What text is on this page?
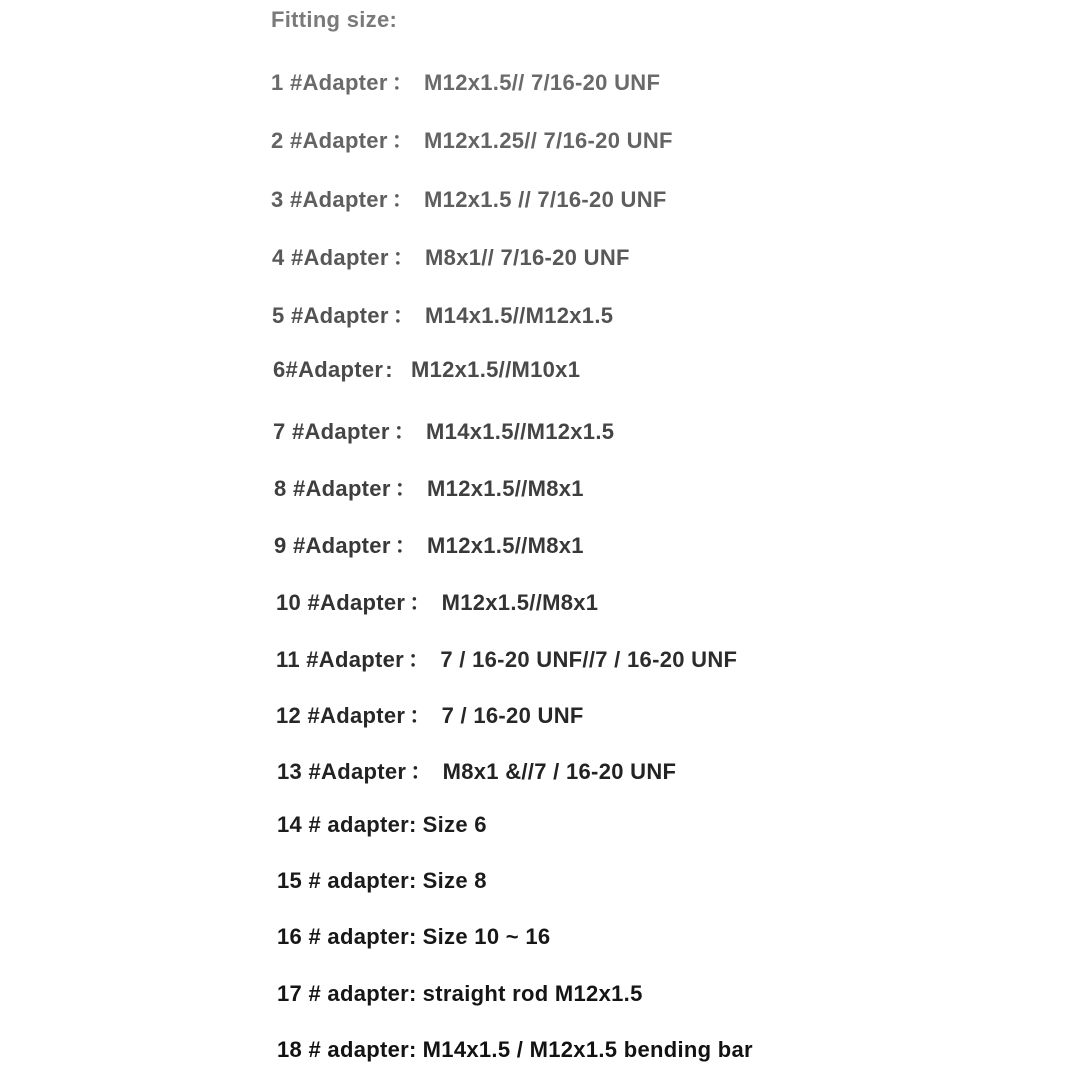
Fitting size:
1 #Adapter ： M12x1.5// 7/16-20 UNF
2 #Adapter ： M12x1.25// 7/16-20 UNF
3 #Adapter ： M12x1.5 // 7/16-20 UNF
4 #Adapter ： M8x1// 7/16-20 UNF
5 #Adapter ： M14x1.5//M12x1.5
6#Adapter : M12x1.5//M10x1
7 #Adapter ： M14x1.5//M12x1.5
8 #Adapter ： M12x1.5//M8x1
9 #Adapter ： M12x1.5//M8x1
10 #Adapter ： M12x1.5//M8x1
11 #Adapter ： 7 / 16-20 UNF//7 / 16-20 UNF
12 #Adapter ： 7 / 16-20 UNF
13 #Adapter ： M8x1 &//7 / 16-20 UNF
14 # adapter : Size 6
15 # adapter : Size 8
16 # adapter : Size 10 ~ 16
17 # adapter : straight rod M12x1.5
18 # adapter : M14x1.5 / M12x1.5 bending bar
